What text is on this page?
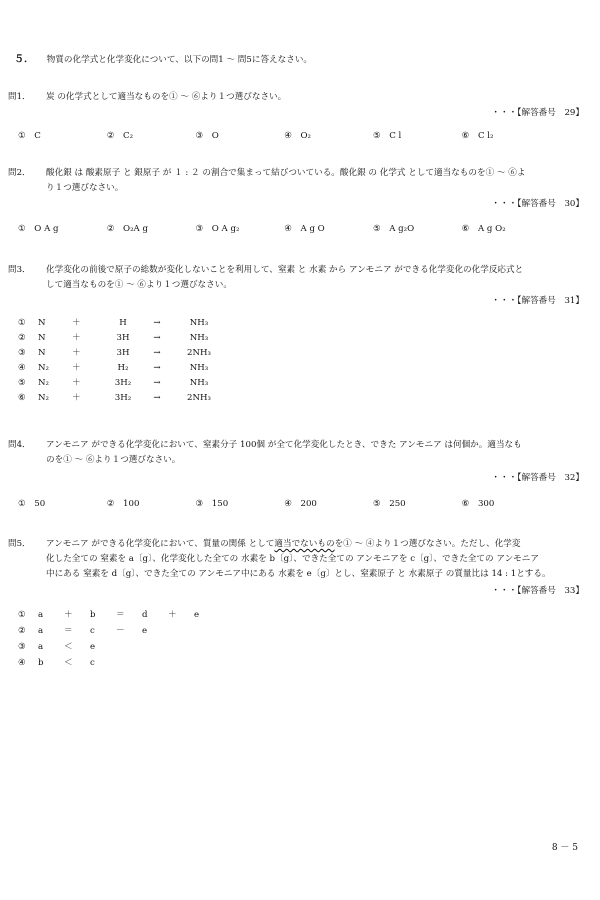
５． 物質の化学式と化学変化について、以下の問1 ～ 問5に答えなさい。
問1． 炭 の化学式として適当なものを① ～ ⑥より１つ選びなさい。
・・・【解答番号　29】
①　C	②　C₂	③　O	④　O₂	⑤　C l	⑥　C l₂
問2． 酸化銀 は 酸素原子 と 銀原子 が １ : ２ の割合で集まって結びついている。酸化銀 の 化学式 として適当なものを① ～ ⑥よ
り１つ選びなさい。
・・・【解答番号　30】
①　O A g	②　O₂A g	③　O A g₂	④　A g O	⑤　A g₂O	⑥　A g O₂
問3． 化学変化の前後で原子の総数が変化しないことを利用して、窒素 と 水素 から アンモニア ができる化学変化の化学反応式と
して適当なものを① ～ ⑥より１つ選びなさい。
・・・【解答番号　31】
① N	＋	H	→	NH₃
② N	＋	3H	→	NH₃
③ N	＋	3H	→	2NH₃
④ N₂	＋	H₂	→	NH₃
⑤ N₂	＋	3H₂	→	NH₃
⑥ N₂	＋	3H₂	→	2NH₃
問4． アンモニア ができる化学変化において、窒素分子 100個 が全て化学変化したとき、できた アンモニア は何個か。適当なも
のを① ～ ⑥より１つ選びなさい。
・・・【解答番号　32】
①　50	②　100	③　150	④　200	⑤　250	⑥　300
問5． アンモニア ができる化学変化において、質量の関係 として適当でないものを① ～ ④より１つ選びなさい。ただし、化学変
化した全ての 窒素を a〔g〕、化学変化した全ての 水素を b〔g〕、できた全ての アンモニアを c〔g〕、できた全ての アンモニア
中にある 窒素を d〔g〕、できた全ての アンモニア中にある 水素を e〔g〕とし、窒素原子 と 水素原子 の質量比は 14 : 1とする。
・・・【解答番号　33】
① a ＋ b ＝ d ＋ e
② a ＝ c － e
③ a ＜ e
④ b ＜ c
8 － 5
